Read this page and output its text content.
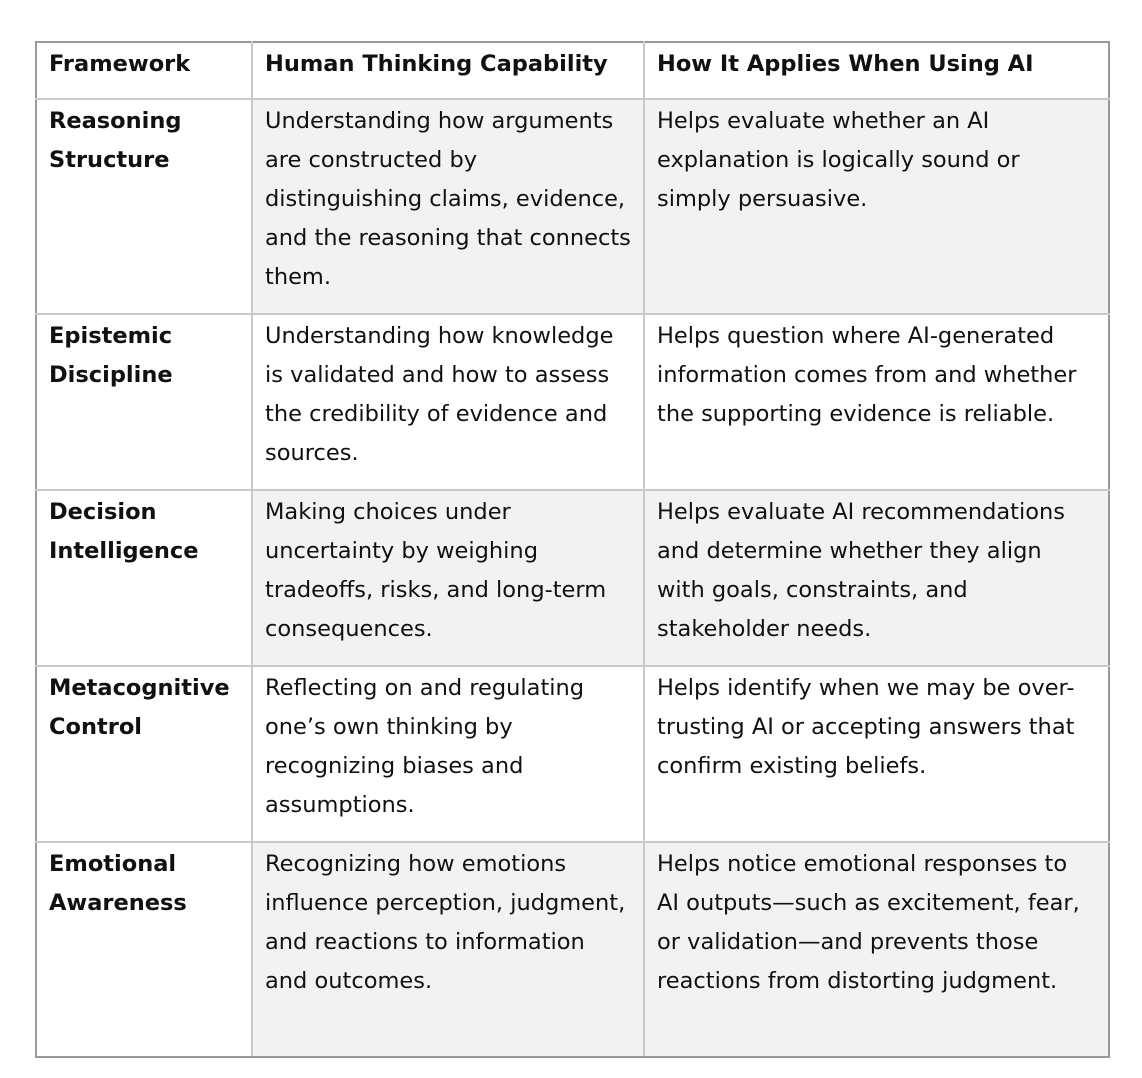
Framework	Human Thinking Capability	How It Applies When Using AI
Reasoning Structure	Understanding how arguments are constructed by distinguishing claims, evidence, and the reasoning that connects them.	Helps evaluate whether an AI explanation is logically sound or simply persuasive.
Epistemic Discipline	Understanding how knowledge is validated and how to assess the credibility of evidence and sources.	Helps question where AI-generated information comes from and whether the supporting evidence is reliable.
Decision Intelligence	Making choices under uncertainty by weighing tradeoffs, risks, and long-term consequences.	Helps evaluate AI recommendations and determine whether they align with goals, constraints, and stakeholder needs.
Metacognitive Control	Reflecting on and regulating one’s own thinking by recognizing biases and assumptions.	Helps identify when we may be over-trusting AI or accepting answers that confirm existing beliefs.
Emotional Awareness	Recognizing how emotions influence perception, judgment, and reactions to information and outcomes.	Helps notice emotional responses to AI outputs—such as excitement, fear, or validation—and prevents those reactions from distorting judgment.
